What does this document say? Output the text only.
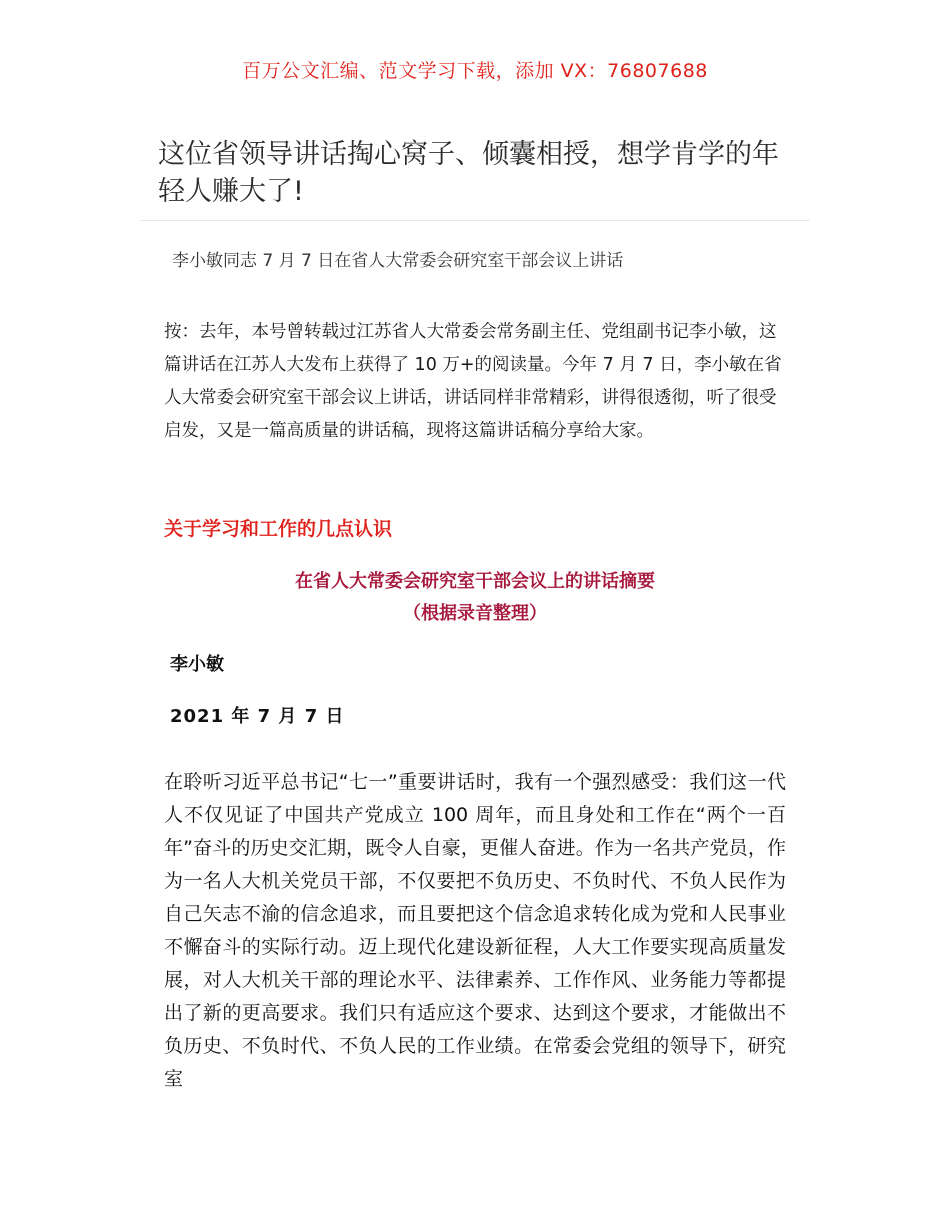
百万公文汇编、范文学习下载，添加 VX：76807688
这位省领导讲话掏心窝子、倾囊相授，想学肯学的年轻人赚大了!
李小敏同志 7 月 7 日在省人大常委会研究室干部会议上讲话

按：去年，本号曾转载过江苏省人大常委会常务副主任、党组副书记李小敏，这篇讲话在江苏人大发布上获得了 10 万+的阅读量。今年 7 月 7 日，李小敏在省人大常委会研究室干部会议上讲话，讲话同样非常精彩，讲得很透彻，听了很受启发，又是一篇高质量的讲话稿，现将这篇讲话稿分享给大家。

关于学习和工作的几点认识
在省人大常委会研究室干部会议上的讲话摘要
（根据录音整理）
李小敏
2021 年 7 月 7 日

在聆听习近平总书记“七一”重要讲话时，我有一个强烈感受：我们这一代人不仅见证了中国共产党成立 100 周年，而且身处和工作在“两个一百年”奋斗的历史交汇期，既令人自豪，更催人奋进。作为一名共产党员，作为一名人大机关党员干部，不仅要把不负历史、不负时代、不负人民作为自己矢志不渝的信念追求，而且要把这个信念追求转化成为党和人民事业不懈奋斗的实际行动。迈上现代化建设新征程，人大工作要实现高质量发展，对人大机关干部的理论水平、法律素养、工作作风、业务能力等都提出了新的更高要求。我们只有适应这个要求、达到这个要求，才能做出不负历史、不负时代、不负人民的工作业绩。在常委会党组的领导下，研究室
